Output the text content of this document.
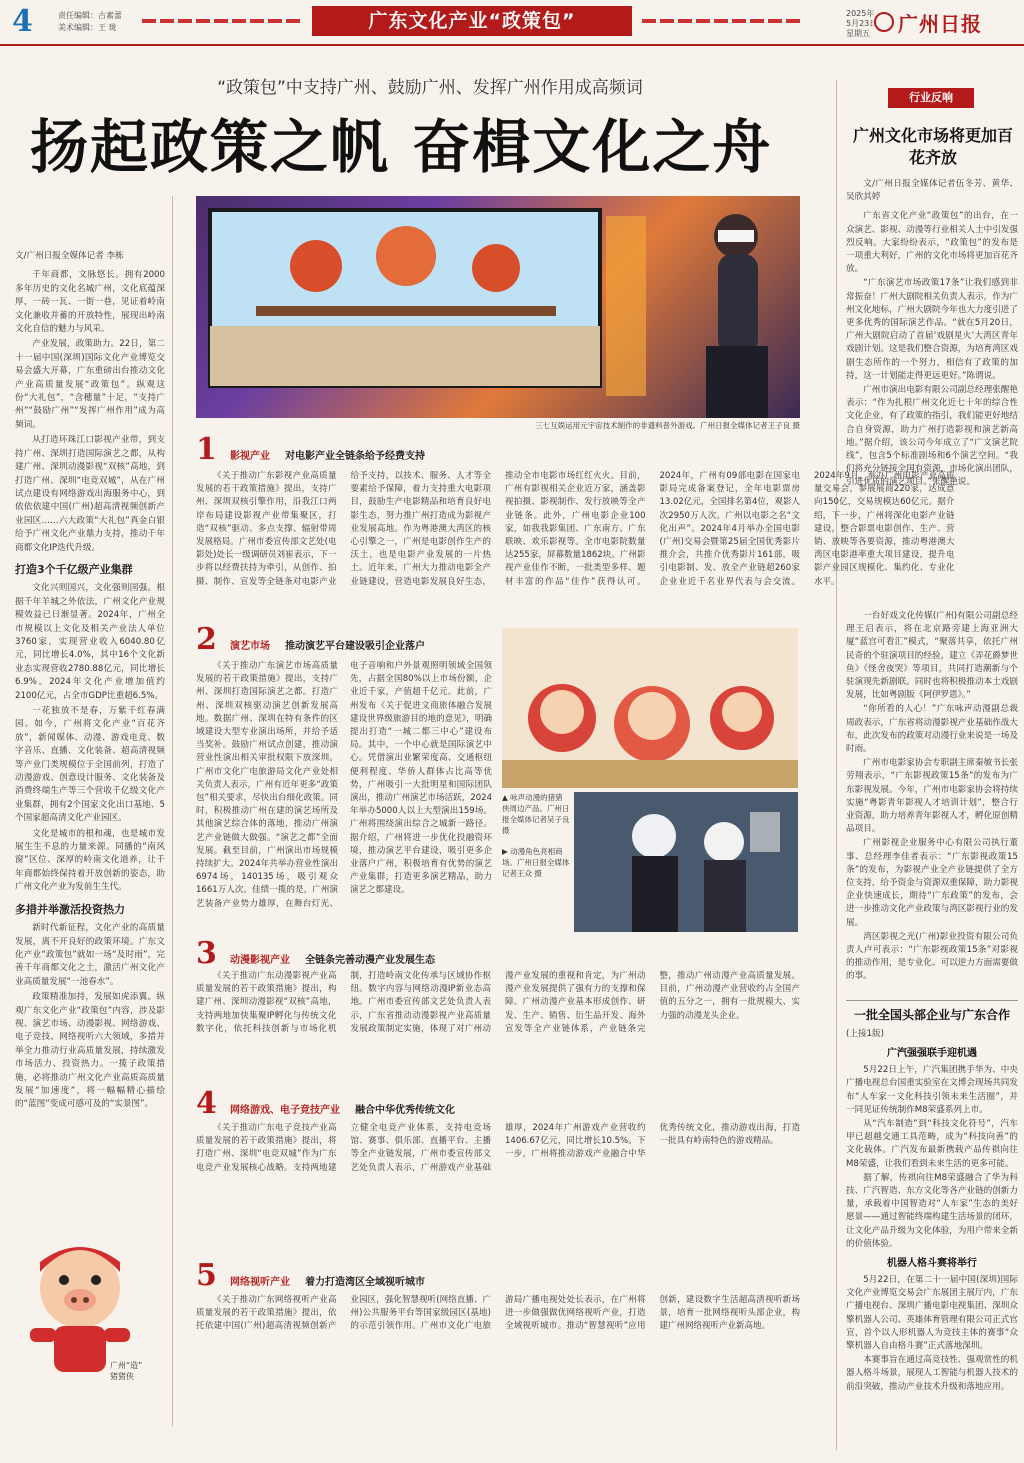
4	责任编辑：古素蕾
美术编辑：王 珑	广东文化产业“政策包”	2025年
5月23日
星期五	广州日报
“政策包”中支持广州、鼓励广州、发挥广州作用成高频词
扬起政策之帆 奋楫文化之舟

文/广州日报全媒体记者 李栋

千年商都，文脉悠长。拥有2000多年历史的文化名城广州，文化底蕴深厚，一砖一瓦、一街一巷，见证着岭南文化兼收并蓄的开放特性，展现出岭南文化自信的魅力与风采。

产业发展，政策助力。22日，第二十一届中国(深圳)国际文化产业博览交易会盛大开幕，广东重磅出台推动文化产业高质量发展“政策包”。纵观这份“大礼包”，“含穗量”十足，“支持广州”“鼓励广州”“发挥广州作用”成为高频词。

从打造环珠江口影视产业带，到支持广州、深圳打造国际演艺之都，从构建广州、深圳动漫影视“双核”高地，到打造广州、深圳“电竞双城”，从在广州试点建设有网络游戏出海服务中心，到依依依建中国(广州)超高清视频创新产业园区……六大政策“大礼包”真金白银给予广州文化产业鼎力支持，推动千年商都文化IP迭代升级。

打造3个千亿级产业集群

文化兴则国兴，文化强则国强。根据千年羊城之外依法，广州文化产业规模效益已日渐显著。2024年，广州全市规模以上文化及相关产业法人单位3760家，实现营业收入6040.80亿元，同比增长4.0%，其中16个文化新业态实现营收2780.88亿元，同比增长6.9%。2024年文化产业增加值约2100亿元，占全市GDP比重超6.5%。

一花独放不是春，万紫千红春满园。如今，广州将文化产业“百花齐放”，新闻媒体、动漫、游戏电竞、数字音乐、直播、文化装备、超高清视频等产业门类规模位于全国前列，打造了动漫游戏、创意设计服务、文化装备及消费终端生产等三个营收千亿级文化产业集群，拥有2个国家文化出口基地、5个国家超高清文化产业园区。

文化是城市的根和魂，也是城市发展生生不息的力量来源。同播的“南风窗”区位、深厚的岭南文化道养，让千年商都始终保持着开放创新的姿态，助广州文化产业为发前生生代。

多措并举激活投资热力

新时代新征程，文化产业的高质量发展，离不开良好的政策环境。广东文化产业“政策包”就如一场“及时雨”，完善千年商都文化之土，激活广州文化产业高质量发展“一池春水”。

政策精准加持，发展如虎添翼。纵观广东文化产业“政策包”内容，涉及影视、演艺市场、动漫影视、网络游戏、电子竞技、网络视听六大领域，多措并举全力推动行业高质量发展，持续激发市场活力、投资热力。一揽子政策措施，必将推动广州文化产业高质高质量发展“加速度”，将一幅幅精心描绘的“蓝图”变成可感可及的“实景图”。

三七互娱运用元宇宙技术制作的非遗料普外游戏。广州日报全媒体记者王子良 摄
1 影视产业 对电影产业全链条给予经费支持

《关于推动广东影视产业高质量发展的若干政策措施》提出，支持广州、深圳双核引擎作用，沿我江口两岸布局建设影视产业带集聚区，打造“双核”驱动、多点支撑、辐射带周发展格局。广州市委宣传部文艺处(电影处)处长一级调研员刘崔表示，下一步将以经费扶持为牵引，从创作、拍摄、制作、宣发等全链条对电影产业给予支持，以技术、服务、人才等全要素给予保障，着力支持重大电影项目，鼓励生产电影精品和培育良好电影生态，努力推广州打造成为影视产业发展高地。作为粤港澳大湾区的核心引擎之一，广州是电影创作生产的沃土，也是电影产业发展的一片热土。近年来，广州大力推动电影全产业链建设，营造电影发展良好生态，推动全市电影市场红红火火。目前，广州有影视相关企业近万家，涵盖影视拍摄、影视制作、发行放映等全产业链条。此外，广州电影企业100家，如我我影集团、广东南方、广东联映、欢乐影视等。全市电影院数量达255家，屏幕数量1862块。广州影视产业佳作不断，一批类型多样、题材丰富的作品“佳作”获得认可。2024年，广州有09部电影在国家电影局完成备案登记，全年电影票房13.02亿元，全国排名第4位，观影人次2950万人次。广州以电影之名“文化出声”。2024年4月举办全国电影(广州)交易会暨第25届全国优秀影片推介会，共推介优秀影片161部，吸引电影制、发、放全产业链超260家企业业近千名业界代表与会交流。2024年9月，举办广州电影产业高质量交易会，参展展商220家，达成意向150亿，交易规模达60亿元。据介绍，下一步，广州将深化电影产业链建设，整合影票电影创作、生产、营销、放映等各要资源，推动粤港澳大湾区电影港率重大项目建设，提升电影产业园区规模化、集约化、专业化水平。

2 演艺市场 推动演艺平台建设吸引企业落户

《关于推动广东演艺市场高质量发展的若干政策措施》提出，支持广州、深圳打造国际演艺之都。打造广州、深圳双核驱动演艺创新发展高地。数据广州、深圳在特有条件的区域建设大型专业演出场所，并给予适当奖补。鼓励广州试点创建，推动演营业性演出相关审批权限下放深圳。广州市文化广电旅游局文化产业处相关负责人表示，广州有近年更多“政策包”相关要求，尽快出台细化政策。同时，积极推动广州在建的演艺场所及其他演艺综合体的落地，推动广州演艺产业链做大做强。“演艺之都”全面发展。截至目前，广州演出市场规模持续扩大。2024年共举办营业性演出6974场，140135场，吸引观众1661万人次。佳绩一揽的是，广州演艺装备产业势力雄厚，在舞台灯光、电子音响和户外景观照明领域全国领先，占据全国80%以上市场份额，企业近千家，产值超千亿元。此前，广州发布《关于促进文商旅体融合发展建设世界级旅游目的地的意见》，明确提出打造“一城二都三中心”建设布局。其中，一个中心就是国际演艺中心。凭借演出业繁荣度高、交通枢纽便利程度、华侨人群体占比高等优势，广州吸引一大批明星和国际团队演出，推动广州演艺市场活跃，2024年举办5000人以上大型演出159场。广州将围绕演出综合之城新一路径。据介绍，广州将进一步优化投融资环境，推动演艺平台建设，吸引更多企业落户广州，积极培育有优势的演艺产业集群，打造更多演艺精品，助力演艺之都建设。

▲ 咏声动漫的猪猪侠周边产品。广州日报全媒体记者吴子良 摄
▶ 动漫角色亮相商场。广州日报全媒体记者王众 摄
3 动漫影视产业 全链条完善动漫产业发展生态

《关于推动广东动漫影视产业高质量发展的若干政策措施》提出，构建广州、深圳动漫影视“双核”高地，支持两地加快集聚IP孵化与传统文化数字化，依托科技创新与市场化机制，打造岭南文化传承与区域协作枢纽。数字内容与网络动漫IP新业态高地。广州市委宣传部文艺处负责人表示，广东省推动动漫影视产业高质量发展政策制定实施，体现了对广州动漫产业发展的重视和肯定，为广州动漫产业发展提供了强有力的支撑和保障。广州动漫产业基本形成创作、研发、生产、销售、衍生品开发、海外宣发等全产业链体系，产业链条完整，推动广州动漫产业高质量发展。目前，广州动漫产业营收约占全国产值的五分之一，拥有一批规模大、实力强的动漫龙头企业。

4 网络游戏、电子竞技产业 融合中华优秀传统文化

《关于推动广东电子竞技产业高质量发展的若干政策措施》提出，将打造广州、深圳“电竞双城”作为广东电竞产业发展核心战略。支持两地建立健全电竞产业体系，支持电竞场馆、赛事、俱乐部、直播平台、主播等全产业链发展，广州市委宣传部文艺处负责人表示，广州游戏产业基础雄厚，2024年广州游戏产业营收约1406.67亿元，同比增长10.5%。下一步，广州将推动游戏产业融合中华优秀传统文化，推动游戏出海，打造一批具有岭南特色的游戏精品。

5 网络视听产业 着力打造湾区全域视听城市

《关于推动广东网络视听产业高质量发展的若干政策措施》提出，依托依建中国(广州)超高清视频创新产业园区，强化智慧视听(网络直播、广州)公共服务平台等国家级园区(基地)的示范引领作用。广州市文化广电旅游局广播电视处处长表示，在广州将进一步做强做优网络视听产业，打造全域视听城市。推动“智慧视听”应用创新，建设数字生活超高清视听新场景，培育一批网络视听头部企业，构建广州网络视听产业新高地。

广州“造”
猪猪侠
行业反响
广州文化市场将更加百花齐放

文/广州日报全媒体记者伍冬芳、黄华、吴欣其婷

广东省文化产业“政策包”的出台，在一众演艺、影视、动漫等行业相关人士中引发强烈反响。大家纷纷表示，“政策包”的发布是一项重大利好，广州的文化市场将更加百花齐放。

“广东演艺市场政策17条”让我们感到非常振奋！广州大剧院相关负责人表示，作为广州文化地标，广州大剧院今年也大力度引进了更多优秀的国际演艺作品。“就在5月20日，广州大剧院启动了首届‘戏剧星火’大湾区青年戏剧计划。这是我们整合资源，为培育湾区戏剧生态所作的一个努力，相信有了政策的加持，这一计划能走得更远更好。”陈谓说。

广州市演出电影有限公司副总经理张醒艳表示：“作为扎根广州文化近七十年的综合性文化企业，有了政策的指引，我们能更好地结合自身资源，助力广州打造影视和演艺新高地。”据介绍，该公司今年成立了“广文演艺院线”，包含5个标准剧场和6个演艺空间。“我们将充分链接全国有资源，市场化演出团队，引进优质的演艺项目。”张醒艳说。

一台好戏文化传媒(广州)有限公司副总经理王启表示，将在北京路旁建上海亚洲大厦“蓝宫可看汇”模式，“聚落共享，依托广州民奇的个驻演项目的经验，建立《弄花爵梦世鱼》《怪舍夜哭》等项目，共同打造潮新与个驻演现先新剧联。同时也将积极推动本土戏剧发展，比如粤剧版《阿伊罗恩》。”

“你所看的人心！”广东咏声动漫副总裁周政表示，广东省将动漫影视产业基础作战大布，此次发布的政策对动漫行业来说是一场及时雨。

广州市电影家协会专职副主席秦敏书长张劳翔表示，“广东影视政策15条”的发布为广东影视发展。今年，广州市电影家协会将持续实施“粤影青年影视人才培训计划”，整合行业资源，助力培养青年影视人才，孵化原创精品项目。

广州影视企业服务中心有限公司执行董事、总经理李佳者表示：“广东影视政策15条”的发布，为影视产业全产业链提供了全方位支持，给予资金与资源双重保障，助力影视企业快速成长，期待“广东政策”的发布，会进一步推动文化产业政策与湾区影视行业的发展。

湾区影视之光(广州)影业投资有限公司负责人卢可表示：“广东影视政策15条”对影视的推动作用，是专业化、可以逆力方面需要做的事。

一批全国头部企业与广东合作

(上接1版)

广汽强强联手迎机遇

5月22日上午，广汽集团携手华为、中央广播电视总台国重实验室在文博会现场共同发布“人车家一文化科技引领未来生活圈”，并一同见证传统制作M8荣盛系列上市。

从“汽车制造”到“科技文化符号”，汽车甲已超越交通工具范畴，成为“科技向善”的文化载体。广汽发布最新携载产品传祺向往M8荣盛，让我们看到未来生活的更多可能。

据了解，传祺向往M8荣盛融合了华为科技、广汽智造、东方文化等各产业链的创新力量，承载着中国智造对“人车家”生态的美好愿景——通过智能终端构建生活场景的闭环，让文化产品升级为文化体验，为用户带来全新的价值体验。

机器人格斗赛将举行

5月22日，在第二十一届中国(深圳)国际文化产业博览交易会广东展团主展厅内，广东广播电视台、深圳广播电影电视集团、深圳众擎机器人公司、英雄体育管理有限公司正式官宣，首个以人形机器人为竞技主体的赛事“众擎机器人自由格斗赛”正式落地深圳。

本赛事旨在通过高竞技性、强观赏性的机器人格斗场景，展现人工智能与机器人技术的前沿突破，推动产业技术升级和落地应用。
